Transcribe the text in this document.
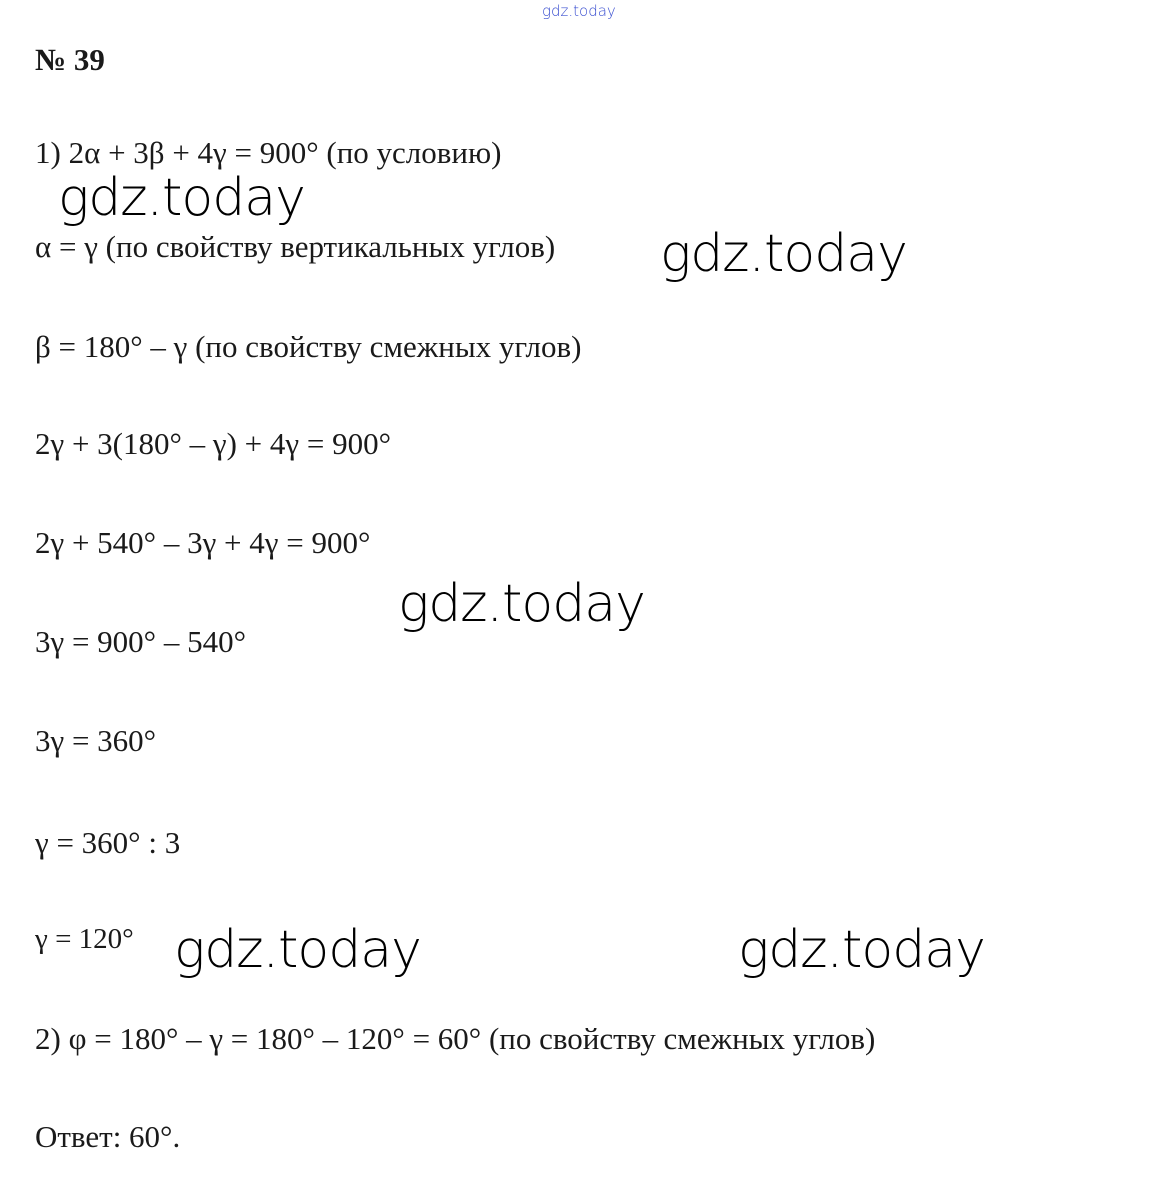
gdz.today
№ 39
1) 2α + 3β + 4γ = 900° (по условию)
gdz.today
α = γ (по свойству вертикальных углов) gdz.today
β = 180° – γ (по свойству смежных углов)
2γ + 3(180° – γ) + 4γ = 900°
2γ + 540° – 3γ + 4γ = 900°
gdz.today
3γ = 900° – 540°
3γ = 360°
γ = 360° : 3
γ = 120° gdz.today	gdz.today
2) φ = 180° – γ = 180° – 120° = 60° (по свойству смежных углов)
Ответ: 60°.
